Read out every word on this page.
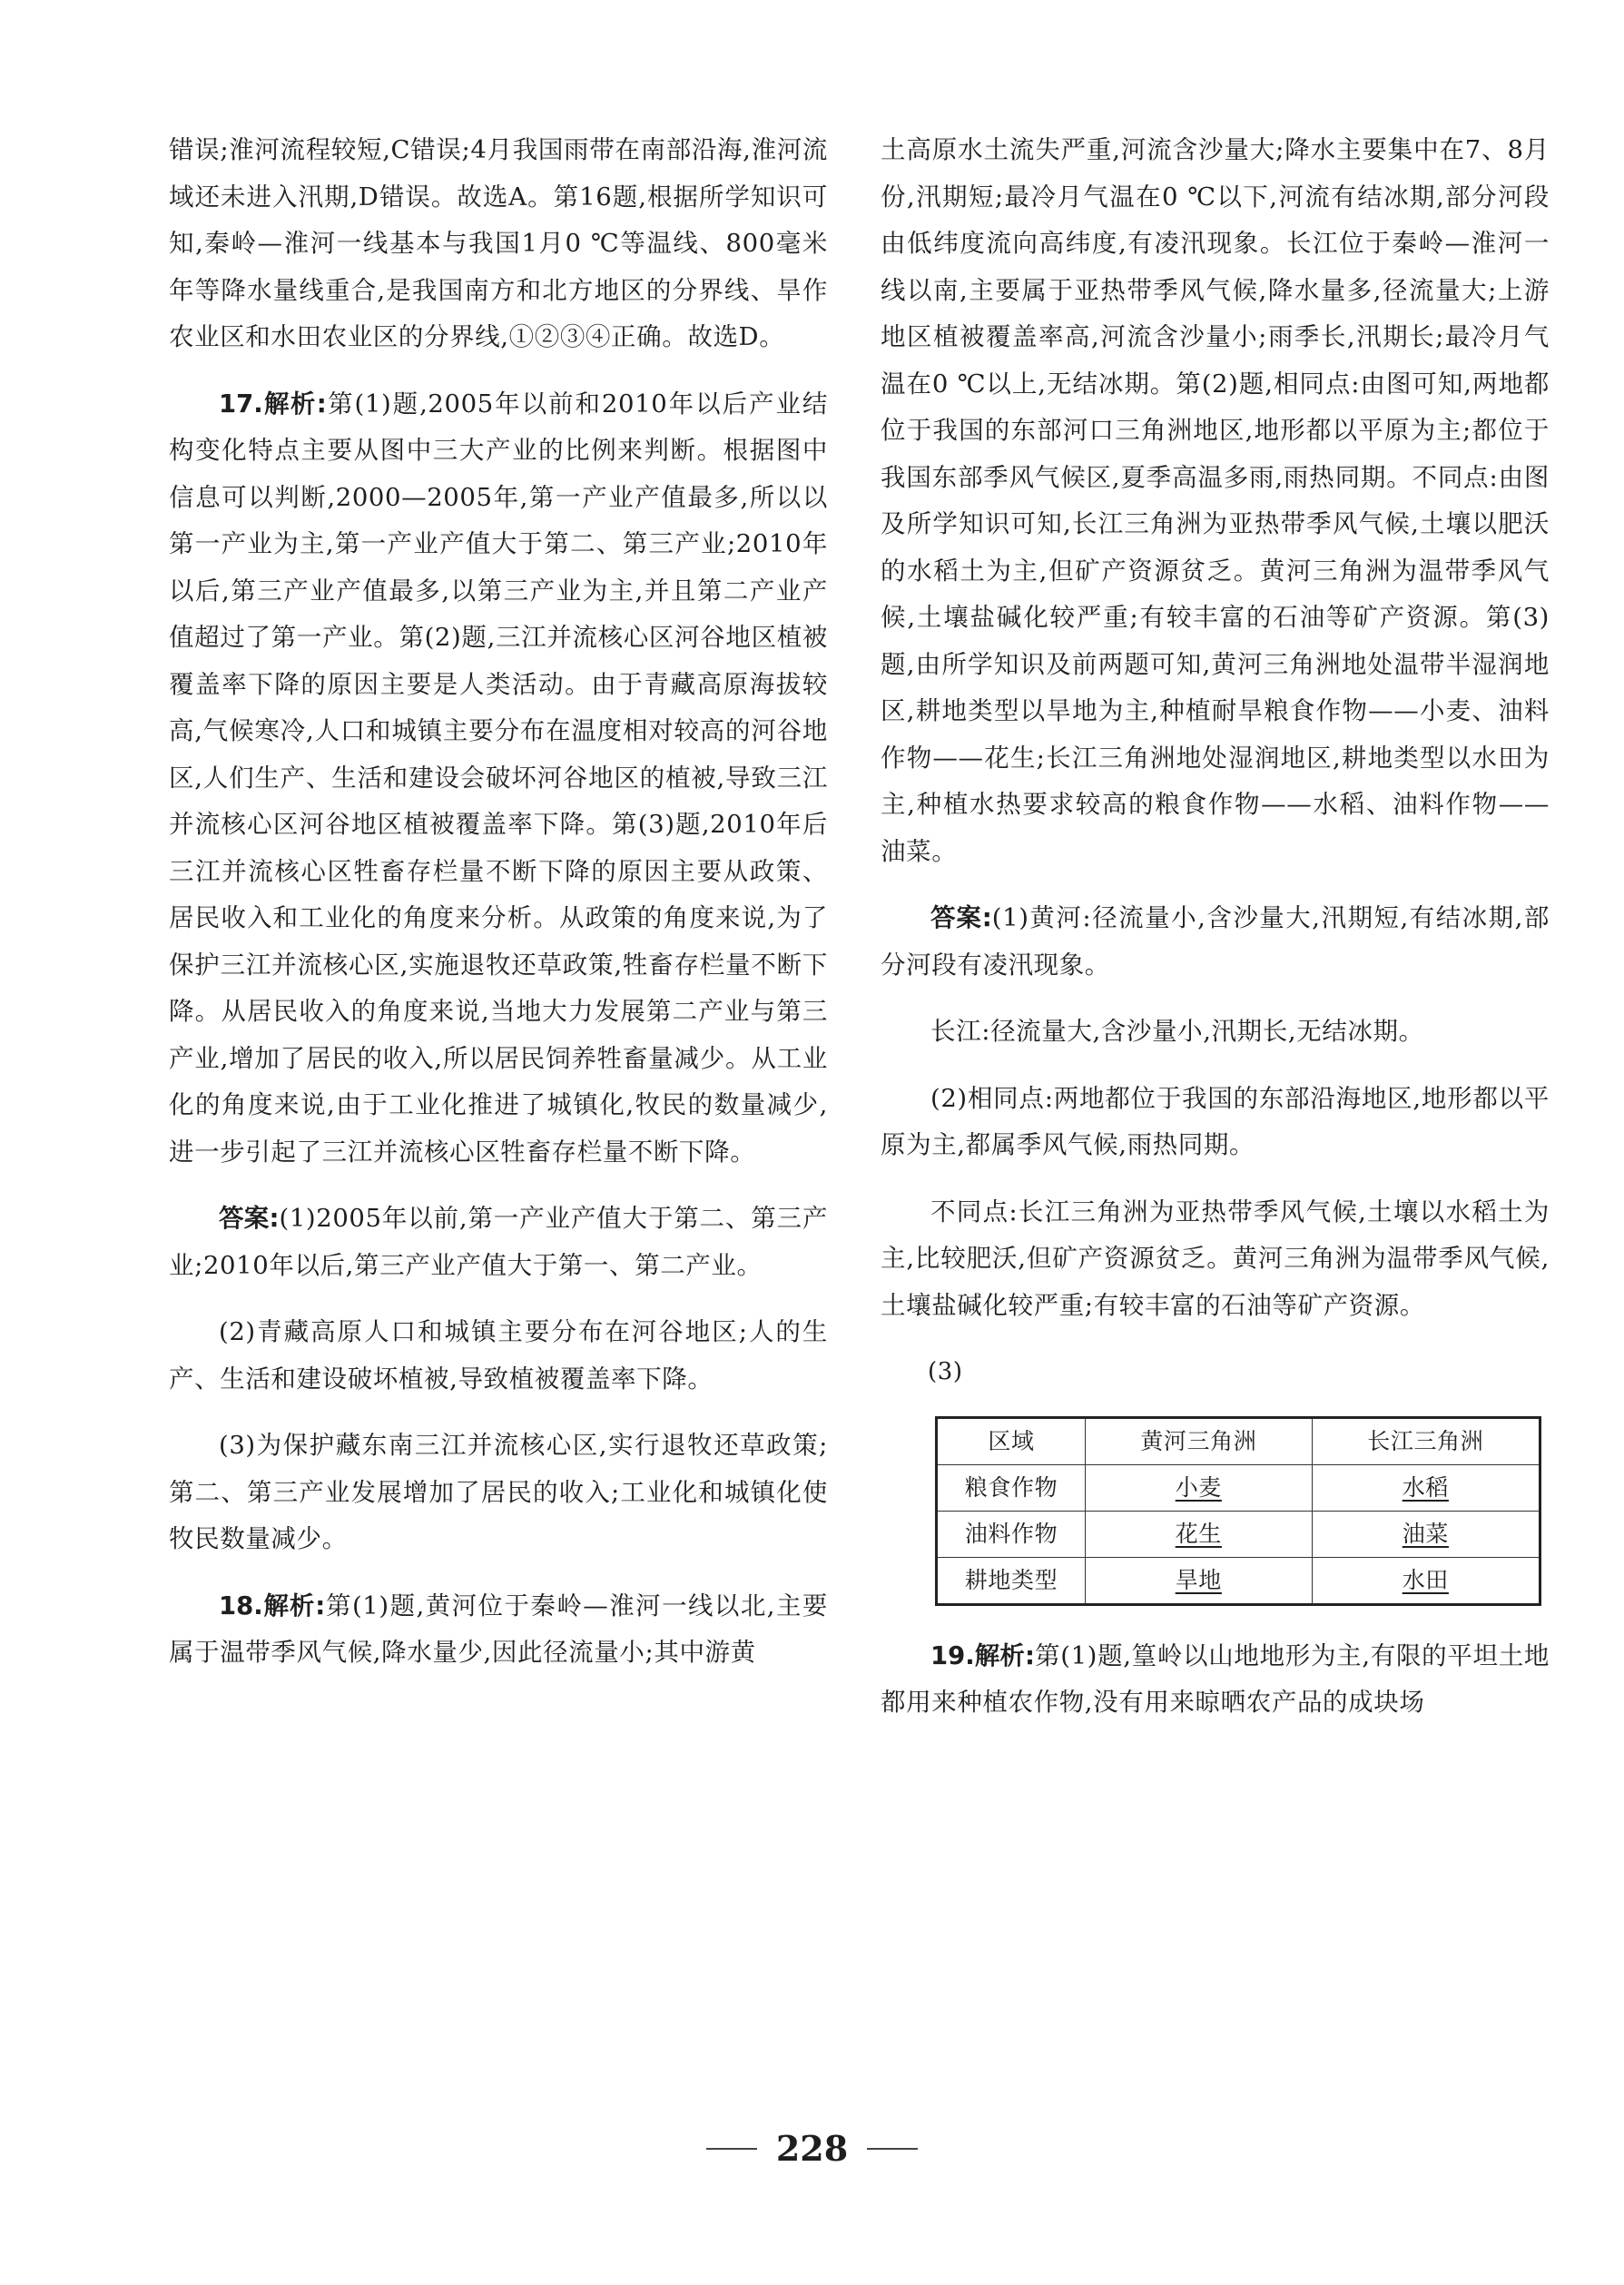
错误;淮河流程较短,C错误;4月我国雨带在南部沿海,淮河流域还未进入汛期,D错误。故选A。第16题,根据所学知识可知,秦岭—淮河一线基本与我国1月0 ℃等温线、800毫米年等降水量线重合,是我国南方和北方地区的分界线、旱作农业区和水田农业区的分界线,①②③④正确。故选D。

17.解析:第(1)题,2005年以前和2010年以后产业结构变化特点主要从图中三大产业的比例来判断。根据图中信息可以判断,2000—2005年,第一产业产值最多,所以以第一产业为主,第一产业产值大于第二、第三产业;2010年以后,第三产业产值最多,以第三产业为主,并且第二产业产值超过了第一产业。第(2)题,三江并流核心区河谷地区植被覆盖率下降的原因主要是人类活动。由于青藏高原海拔较高,气候寒冷,人口和城镇主要分布在温度相对较高的河谷地区,人们生产、生活和建设会破坏河谷地区的植被,导致三江并流核心区河谷地区植被覆盖率下降。第(3)题,2010年后三江并流核心区牲畜存栏量不断下降的原因主要从政策、居民收入和工业化的角度来分析。从政策的角度来说,为了保护三江并流核心区,实施退牧还草政策,牲畜存栏量不断下降。从居民收入的角度来说,当地大力发展第二产业与第三产业,增加了居民的收入,所以居民饲养牲畜量减少。从工业化的角度来说,由于工业化推进了城镇化,牧民的数量减少,进一步引起了三江并流核心区牲畜存栏量不断下降。

答案:(1)2005年以前,第一产业产值大于第二、第三产业;2010年以后,第三产业产值大于第一、第二产业。

(2)青藏高原人口和城镇主要分布在河谷地区;人的生产、生活和建设破坏植被,导致植被覆盖率下降。

(3)为保护藏东南三江并流核心区,实行退牧还草政策;第二、第三产业发展增加了居民的收入;工业化和城镇化使牧民数量减少。

18.解析:第(1)题,黄河位于秦岭—淮河一线以北,主要属于温带季风气候,降水量少,因此径流量小;其中游黄

土高原水土流失严重,河流含沙量大;降水主要集中在7、8月份,汛期短;最冷月气温在0 ℃以下,河流有结冰期,部分河段由低纬度流向高纬度,有凌汛现象。长江位于秦岭—淮河一线以南,主要属于亚热带季风气候,降水量多,径流量大;上游地区植被覆盖率高,河流含沙量小;雨季长,汛期长;最冷月气温在0 ℃以上,无结冰期。第(2)题,相同点:由图可知,两地都位于我国的东部河口三角洲地区,地形都以平原为主;都位于我国东部季风气候区,夏季高温多雨,雨热同期。不同点:由图及所学知识可知,长江三角洲为亚热带季风气候,土壤以肥沃的水稻土为主,但矿产资源贫乏。黄河三角洲为温带季风气候,土壤盐碱化较严重;有较丰富的石油等矿产资源。第(3)题,由所学知识及前两题可知,黄河三角洲地处温带半湿润地区,耕地类型以旱地为主,种植耐旱粮食作物——小麦、油料作物——花生;长江三角洲地处湿润地区,耕地类型以水田为主,种植水热要求较高的粮食作物——水稻、油料作物——油菜。

答案:(1)黄河:径流量小,含沙量大,汛期短,有结冰期,部分河段有凌汛现象。

长江:径流量大,含沙量小,汛期长,无结冰期。

(2)相同点:两地都位于我国的东部沿海地区,地形都以平原为主,都属季风气候,雨热同期。

不同点:长江三角洲为亚热带季风气候,土壤以水稻土为主,比较肥沃,但矿产资源贫乏。黄河三角洲为温带季风气候,土壤盐碱化较严重;有较丰富的石油等矿产资源。

(3)
区域	黄河三角洲	长江三角洲
粮食作物	小麦	水稻
油料作物	花生	油菜
耕地类型	旱地	水田

19.解析:第(1)题,篁岭以山地地形为主,有限的平坦土地都用来种植农作物,没有用来晾晒农产品的成块场

228
